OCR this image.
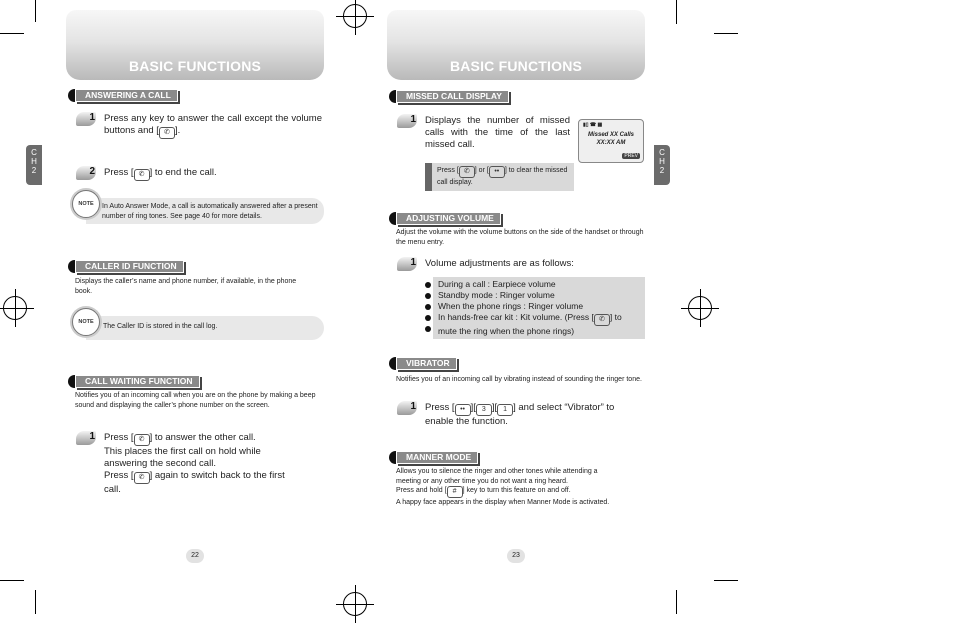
BASIC FUNCTIONS
C
H
2
ANSWERING A CALL
1 Press any key to answer the call except the volume buttons and [ ✆ ].
2 Press [ ✆ ] to end the call.
NOTE	In Auto Answer Mode, a call is automatically answered after a present number of ring tones. See page 40 for more details.
CALLER ID FUNCTION
Displays the caller’s name and phone number, if available, in the phone book.
NOTE
The Caller ID is stored in the call log.
CALL WAITING FUNCTION
Notifies you of an incoming call when you are on the phone by making a beep sound and displaying the caller’s phone number on the screen.
1 Press [ ✆ ] to answer the other call.
This places the first call on hold while answering the second call.
Press [ ✆ ] again to switch back to the first call.
22
BASIC FUNCTIONS
C
H
2
MISSED CALL DISPLAY
1 Displays the number of missed calls with the time of the last missed call.
▮▯ ☎ ▦
Missed XX Calls
XX:XX AM
PREV
Press [ ✆ ] or [ •• ] to clear the missed call display.
ADJUSTING VOLUME
Adjust the volume with the volume buttons on the side of the handset or through the menu entry.
1 Volume adjustments are as follows:
During a call : Earpiece volume
Standby mode : Ringer volume
When the phone rings : Ringer volume
In hands-free car kit : Kit volume. (Press [ ✆ ] to
mute the ring when the phone rings)
VIBRATOR
Notifies you of an incoming call by vibrating instead of sounding the ringer tone.
1 Press [ •• ][ 3 ][ 1 ] and select “Vibrator” to enable the function.
MANNER MODE
Allows you to silence the ringer and other tones while attending a
meeting or any other time you do not want a ring heard.
Press and hold [ # ] key to turn this feature on and off.
A happy face appears in the display when Manner Mode is activated.
23
